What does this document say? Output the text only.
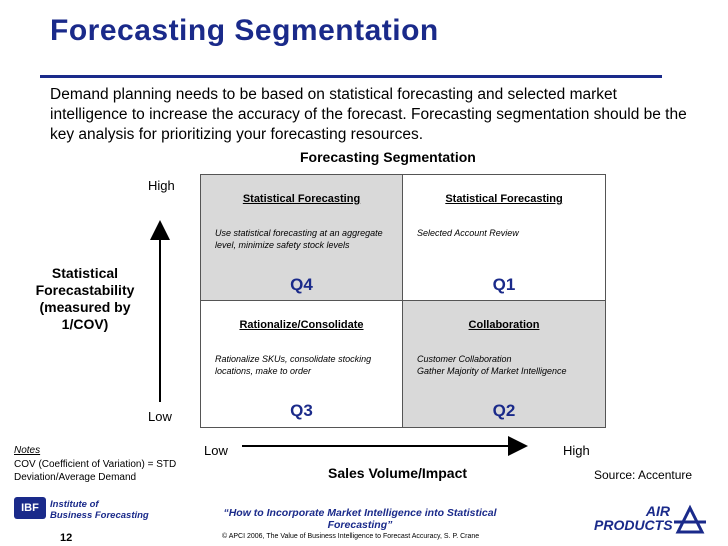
Forecasting Segmentation
Demand planning needs to be based on statistical forecasting and selected market intelligence to increase the accuracy of the forecast. Forecasting segmentation should be the key analysis for prioritizing your forecasting resources.
Forecasting Segmentation
Statistical Forecastability (measured by 1/COV)
High
Low
Statistical Forecasting
Use statistical forecasting at an aggregate level, minimize safety stock levels
Q4
Statistical Forecasting
Selected Account Review
Q1
Rationalize/Consolidate
Rationalize SKUs, consolidate stocking locations, make to order
Q3
Collaboration
Customer Collaboration
Gather Majority of Market Intelligence
Q2
Low	High
Sales Volume/Impact
Notes
COV (Coefficient of Variation) = STD Deviation/Average Demand	Source: Accenture
IBF	Institute of
Business Forecasting
12
“How to Incorporate Market Intelligence into Statistical Forecasting”
© APCI 2006, The Value of Business Intelligence to Forecast Accuracy, S. P. Crane
AIR
PRODUCTS
